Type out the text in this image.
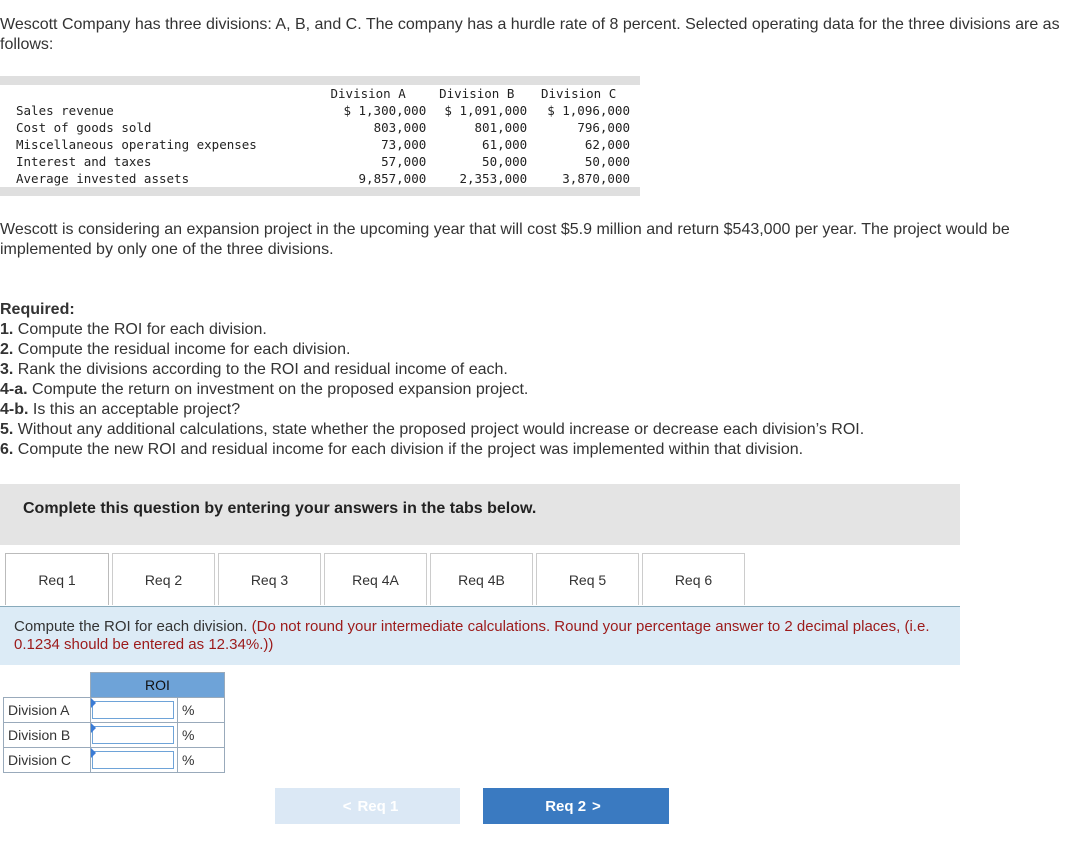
Wescott Company has three divisions: A, B, and C. The company has a hurdle rate of 8 percent. Selected operating data for the three divisions are as follows:

	Division A	Division B	Division C
Sales revenue	$ 1,300,000	$ 1,091,000	$ 1,096,000
Cost of goods sold	803,000	801,000	796,000
Miscellaneous operating expenses	73,000	61,000	62,000
Interest and taxes	57,000	50,000	50,000
Average invested assets	9,857,000	2,353,000	3,870,000

Wescott is considering an expansion project in the upcoming year that will cost $5.9 million and return $543,000 per year. The project would be implemented by only one of the three divisions.

Required:
1. Compute the ROI for each division.
2. Compute the residual income for each division.
3. Rank the divisions according to the ROI and residual income of each.
4-a. Compute the return on investment on the proposed expansion project.
4-b. Is this an acceptable project?
5. Without any additional calculations, state whether the proposed project would increase or decrease each division’s ROI.
6. Compute the new ROI and residual income for each division if the project was implemented within that division.
Complete this question by entering your answers in the tabs below.
Req 1	Req 2	Req 3	Req 4A	Req 4B	Req 5	Req 6

Compute the ROI for each division. (Do not round your intermediate calculations. Round your percentage answer to 2 decimal places, (i.e. 0.1234 should be entered as 12.34%.))

	ROI	
Division A		%
Division B		%
Division C		%
< Req 1	Req 2 >
